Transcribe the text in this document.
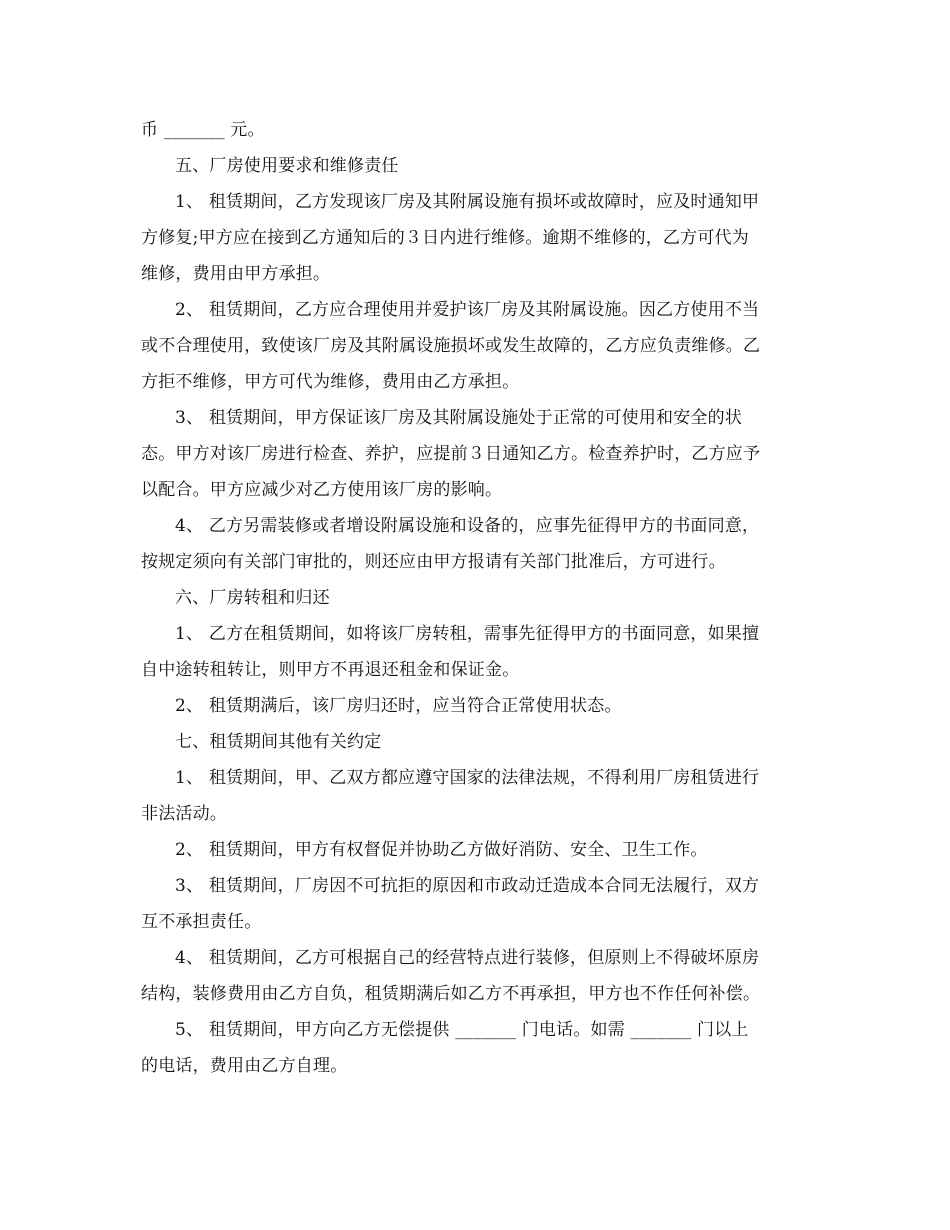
币 _______ 元。
五、厂房使用要求和维修责任
1、 租赁期间，乙方发现该厂房及其附属设施有损坏或故障时，应及时通知甲
方修复;甲方应在接到乙方通知后的３日内进行维修。逾期不维修的，乙方可代为
维修，费用由甲方承担。
2、 租赁期间，乙方应合理使用并爱护该厂房及其附属设施。因乙方使用不当
或不合理使用，致使该厂房及其附属设施损坏或发生故障的，乙方应负责维修。乙
方拒不维修，甲方可代为维修，费用由乙方承担。
3、 租赁期间，甲方保证该厂房及其附属设施处于正常的可使用和安全的状
态。甲方对该厂房进行检查、养护，应提前３日通知乙方。检查养护时，乙方应予
以配合。甲方应减少对乙方使用该厂房的影响。
4、 乙方另需装修或者增设附属设施和设备的，应事先征得甲方的书面同意，
按规定须向有关部门审批的，则还应由甲方报请有关部门批准后，方可进行。
六、厂房转租和归还
1、 乙方在租赁期间，如将该厂房转租，需事先征得甲方的书面同意，如果擅
自中途转租转让，则甲方不再退还租金和保证金。
2、 租赁期满后，该厂房归还时，应当符合正常使用状态。
七、租赁期间其他有关约定
1、 租赁期间，甲、乙双方都应遵守国家的法律法规，不得利用厂房租赁进行
非法活动。
2、 租赁期间，甲方有权督促并协助乙方做好消防、安全、卫生工作。
3、 租赁期间，厂房因不可抗拒的原因和市政动迁造成本合同无法履行，双方
互不承担责任。
4、 租赁期间，乙方可根据自己的经营特点进行装修，但原则上不得破坏原房
结构，装修费用由乙方自负，租赁期满后如乙方不再承担，甲方也不作任何补偿。
5、 租赁期间，甲方向乙方无偿提供 _______ 门电话。如需 _______ 门以上
的电话，费用由乙方自理。
